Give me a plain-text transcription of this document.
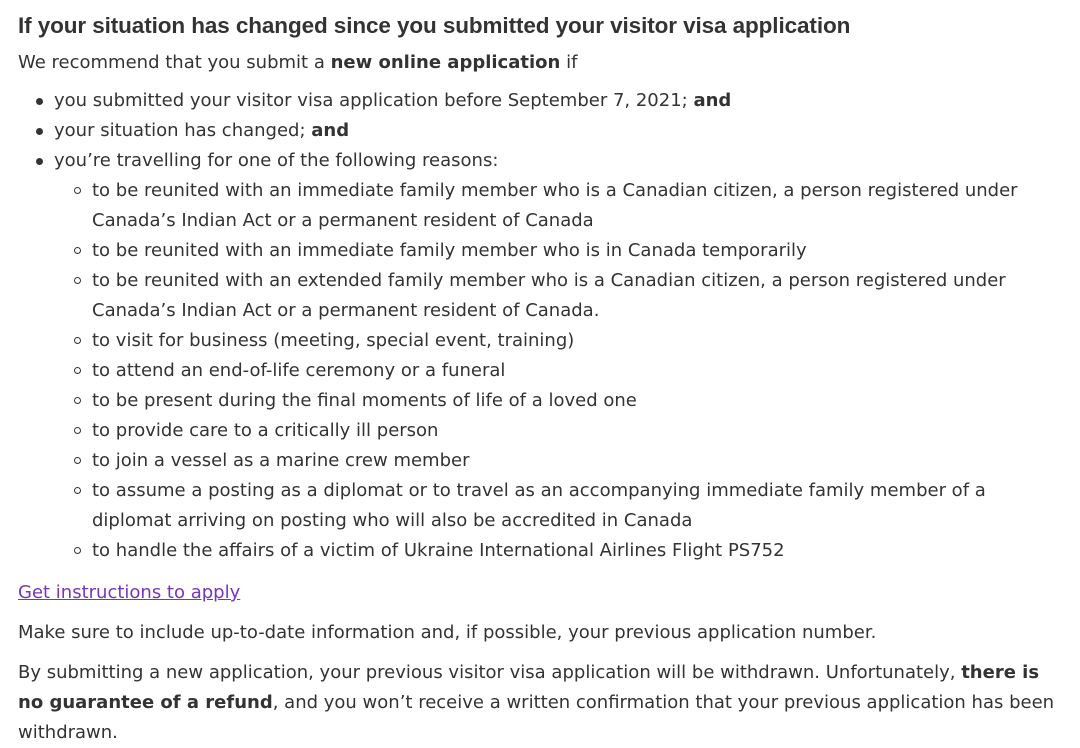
If your situation has changed since you submitted your visitor visa application

We recommend that you submit a new online application if

you submitted your visitor visa application before September 7, 2021; and
your situation has changed; and
you’re travelling for one of the following reasons:
to be reunited with an immediate family member who is a Canadian citizen, a person registered under Canada’s Indian Act or a permanent resident of Canada
to be reunited with an immediate family member who is in Canada temporarily
to be reunited with an extended family member who is a Canadian citizen, a person registered under Canada’s Indian Act or a permanent resident of Canada.
to visit for business (meeting, special event, training)
to attend an end-of-life ceremony or a funeral
to be present during the final moments of life of a loved one
to provide care to a critically ill person
to join a vessel as a marine crew member
to assume a posting as a diplomat or to travel as an accompanying immediate family member of a diplomat arriving on posting who will also be accredited in Canada
to handle the affairs of a victim of Ukraine International Airlines Flight PS752
Get instructions to apply

Make sure to include up-to-date information and, if possible, your previous application number.

By submitting a new application, your previous visitor visa application will be withdrawn. Unfortunately, there is no guarantee of a refund, and you won’t receive a written confirmation that your previous application has been withdrawn.
